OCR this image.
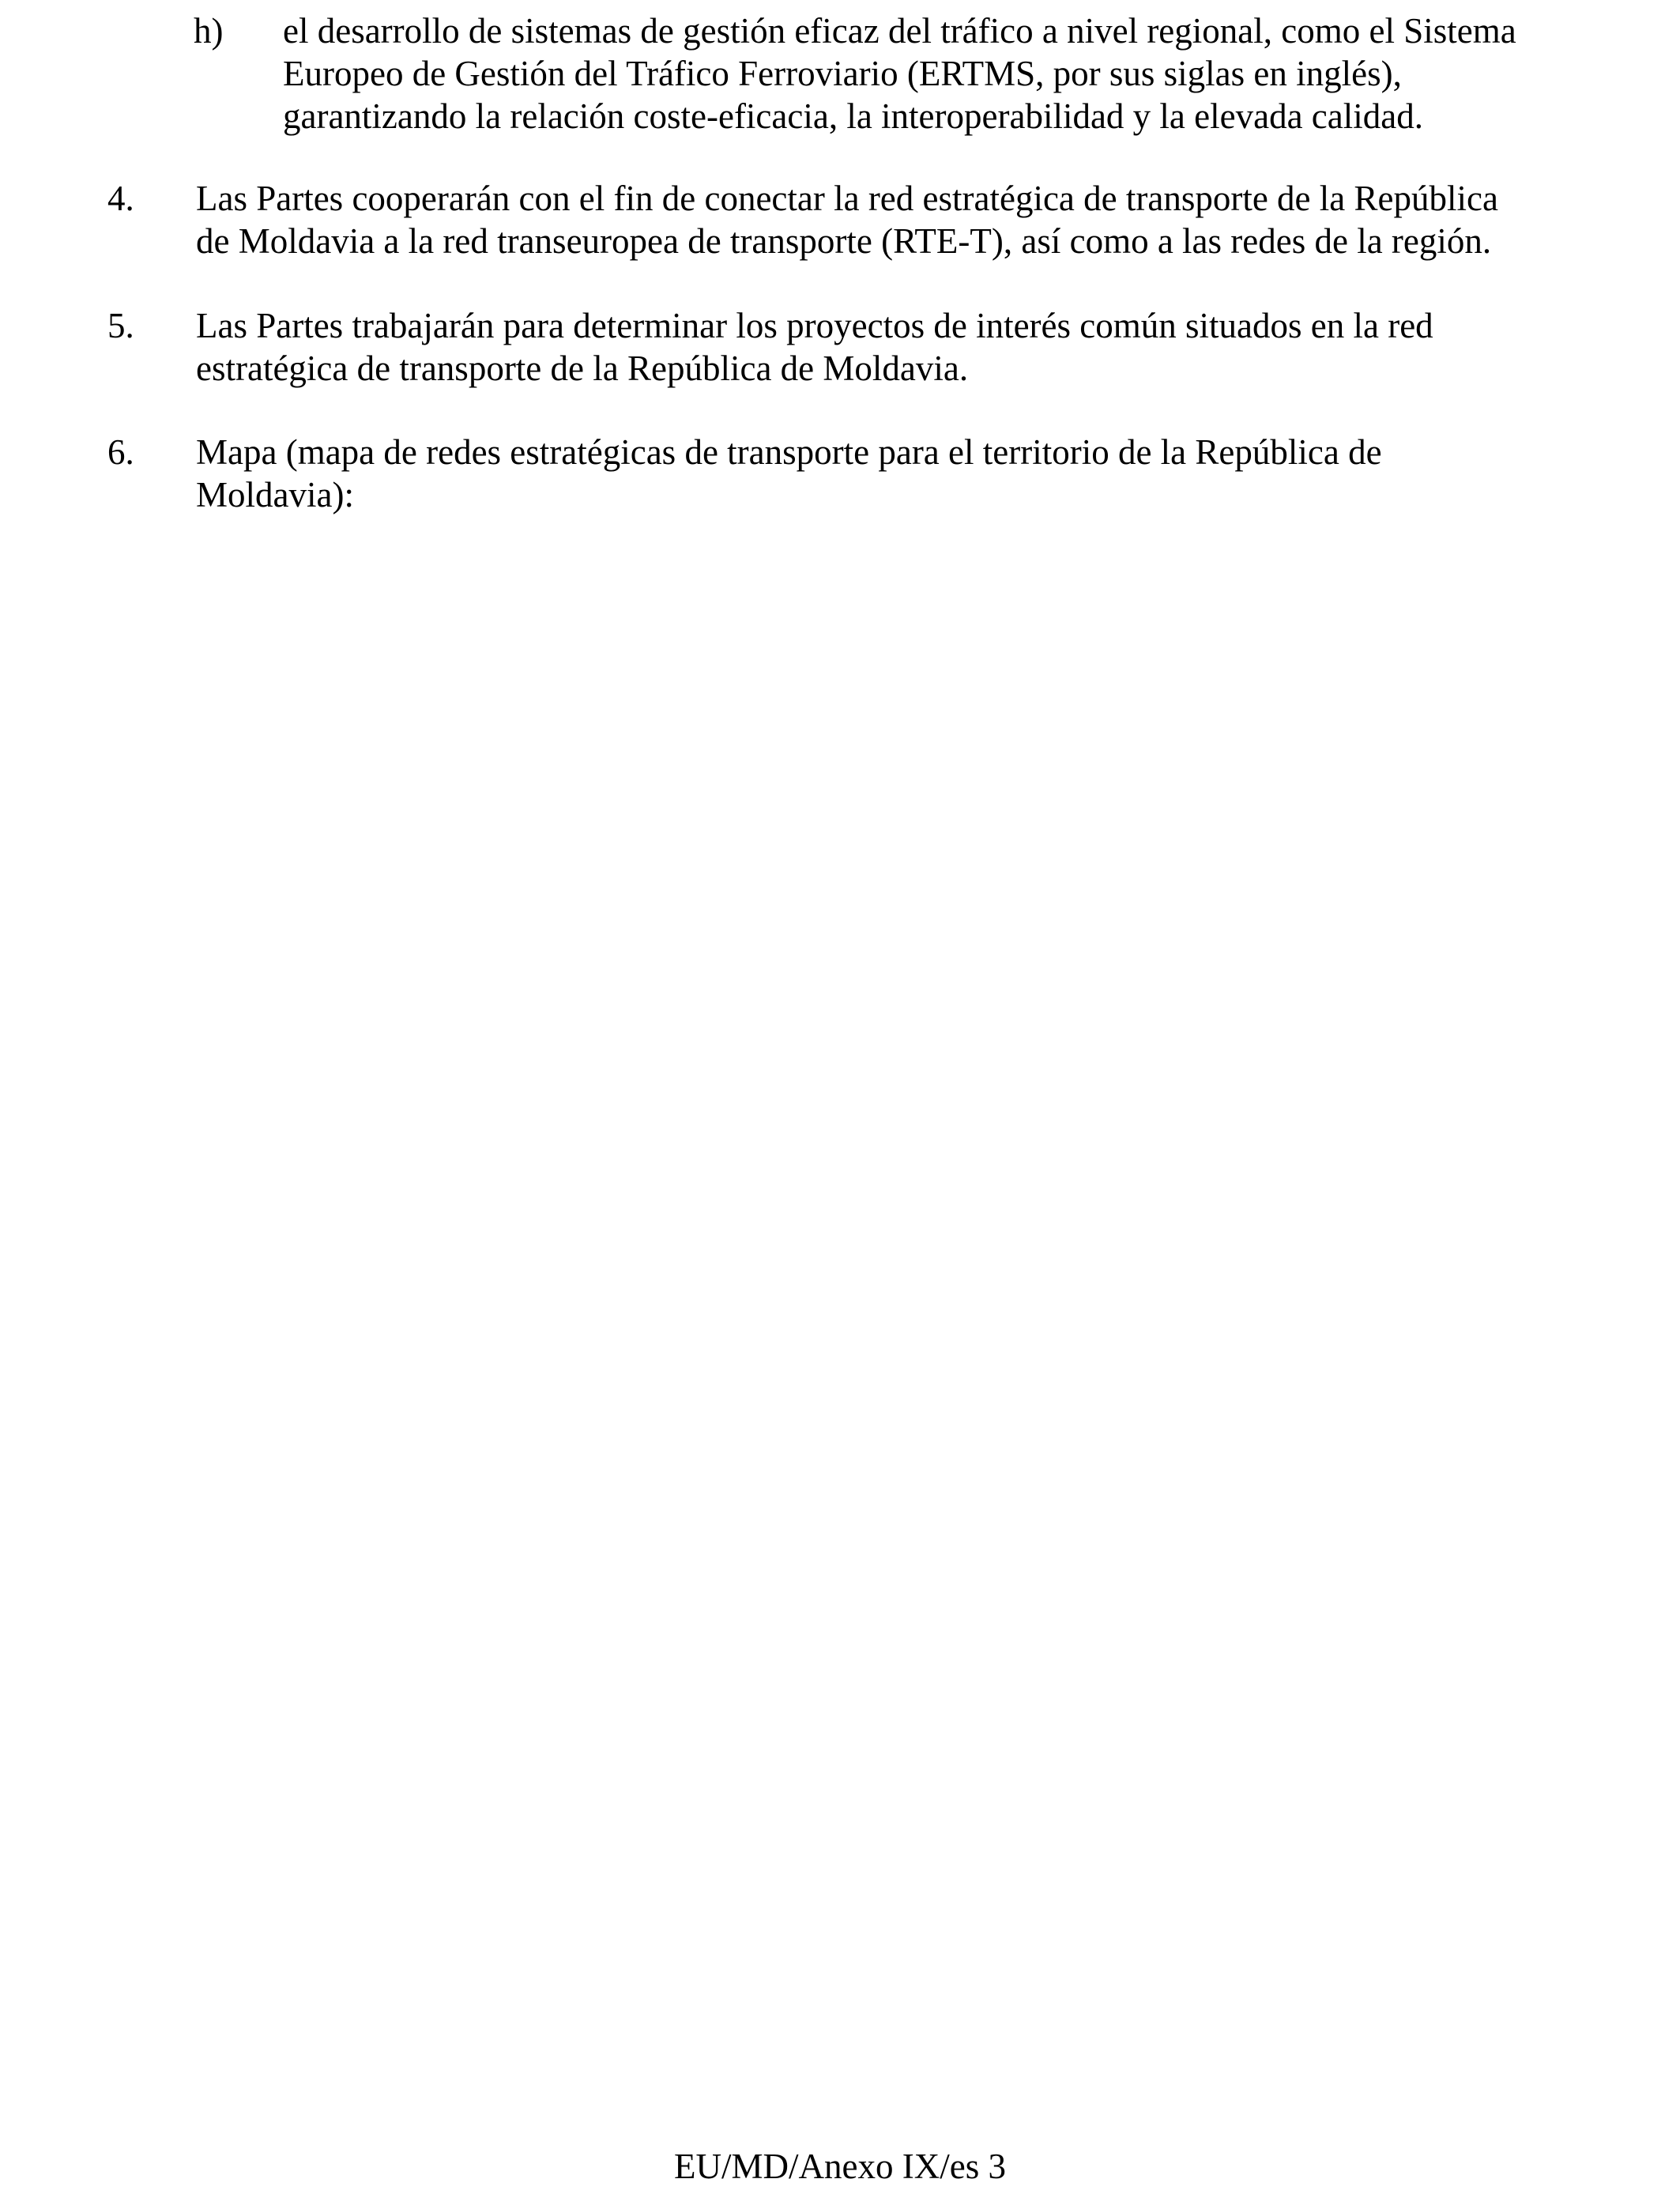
h)	el desarrollo de sistemas de gestión eficaz del tráfico a nivel regional, como el Sistema
Europeo de Gestión del Tráfico Ferroviario (ERTMS, por sus siglas en inglés),
garantizando la relación coste-eficacia, la interoperabilidad y la elevada calidad.
4.	Las Partes cooperarán con el fin de conectar la red estratégica de transporte de la República
de Moldavia a la red transeuropea de transporte (RTE-T), así como a las redes de la región.
5.	Las Partes trabajarán para determinar los proyectos de interés común situados en la red
estratégica de transporte de la República de Moldavia.
6.	Mapa (mapa de redes estratégicas de transporte para el territorio de la República de
Moldavia):
EU/MD/Anexo IX/es 3
